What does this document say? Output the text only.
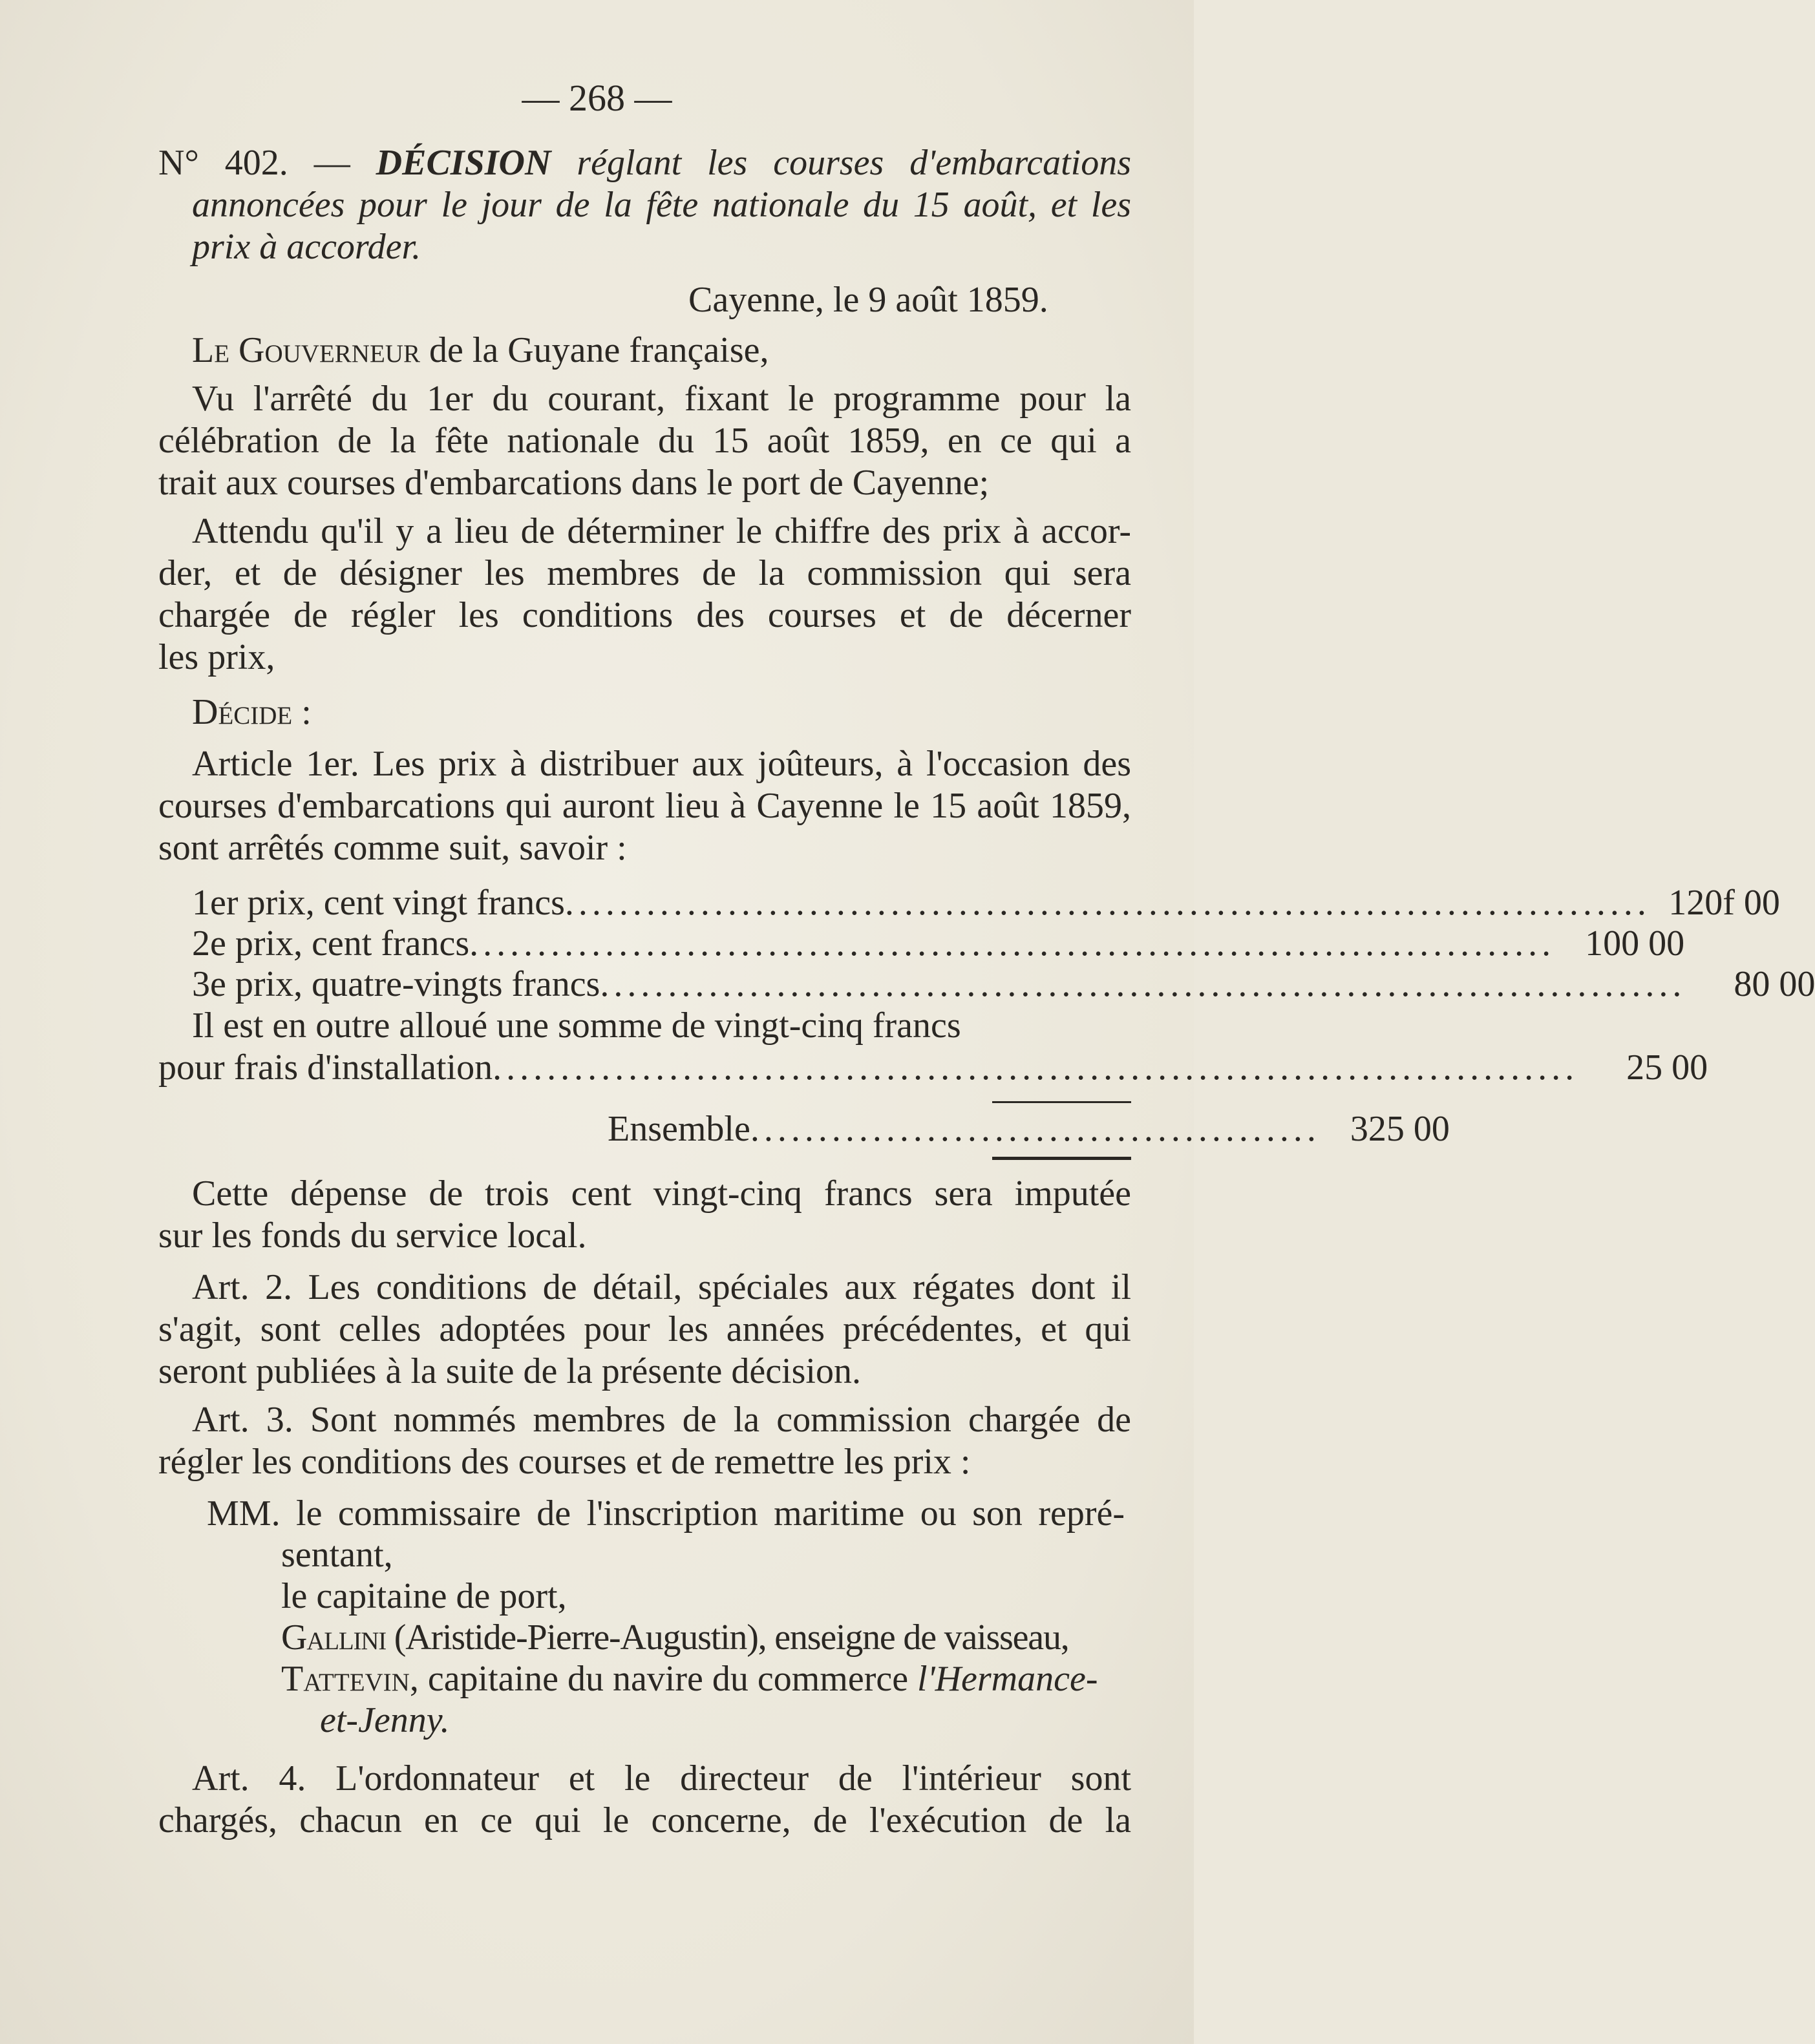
— 268 —

N° 402. — DÉCISION réglant les courses d'embarcations

annoncées pour le jour de la fête nationale du 15 août, et les

prix à accorder.

Cayenne, le 9 août 1859.

Le Gouverneur de la Guyane française,

Vu l'arrêté du 1er du courant, fixant le programme pour la

célébration de la fête nationale du 15 août 1859, en ce qui a

trait aux courses d'embarcations dans le port de Cayenne;

Attendu qu'il y a lieu de déterminer le chiffre des prix à accor-

der, et de désigner les membres de la commission qui sera

chargée de régler les conditions des courses et de décerner

les prix,

Décide :

Article 1er. Les prix à distribuer aux joûteurs, à l'occasion des

courses d'embarcations qui auront lieu à Cayenne le 15 août 1859,

sont arrêtés comme suit, savoir :

1er prix, cent vingt francs ................................................................................ 120f 00
2e prix, cent francs ................................................................................ 100 00
3e prix, quatre-vingts francs ................................................................................	80 00

Il est en outre alloué une somme de vingt-cinq francs

pour frais d'installation ................................................................................	25 00
Ensemble .......................................... 325 00

Cette dépense de trois cent vingt-cinq francs sera imputée

sur les fonds du service local.

Art. 2. Les conditions de détail, spéciales aux régates dont il

s'agit, sont celles adoptées pour les années précédentes, et qui

seront publiées à la suite de la présente décision.

Art. 3. Sont nommés membres de la commission chargée de

régler les conditions des courses et de remettre les prix :

MM. le commissaire de l'inscription maritime ou son repré-

sentant,

le capitaine de port,

Gallini (Aristide-Pierre-Augustin), enseigne de vaisseau,

Tattevin, capitaine du navire du commerce l'Hermance-

et-Jenny.

Art. 4. L'ordonnateur et le directeur de l'intérieur sont

chargés, chacun en ce qui le concerne, de l'exécution de la
